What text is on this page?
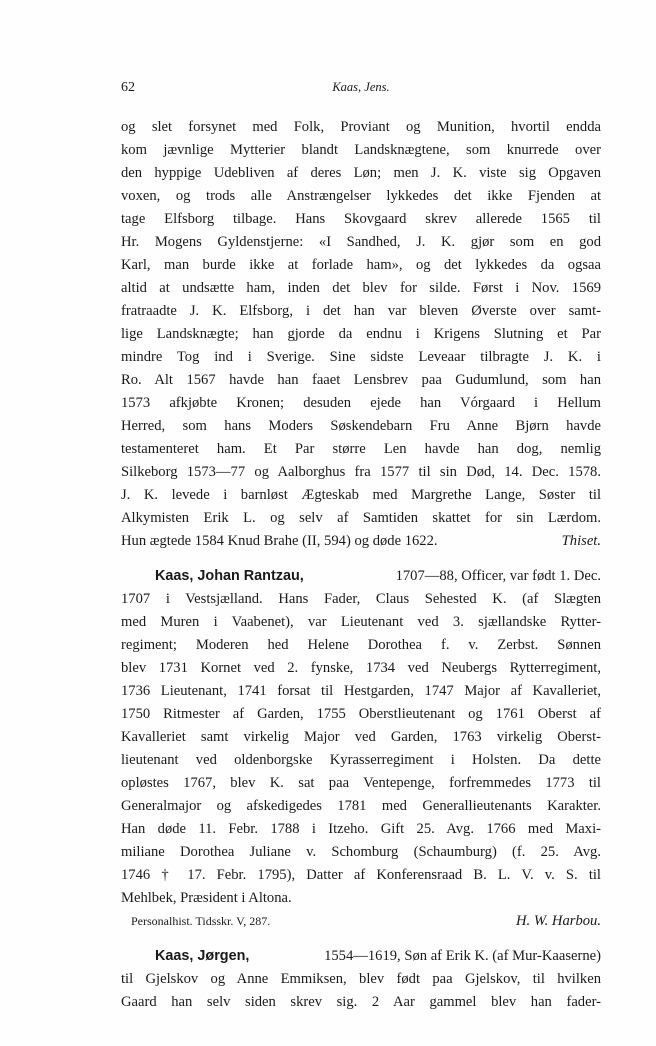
62	Kaas, Jens.
og slet forsynet med Folk, Proviant og Munition, hvortil endda
kom jævnlige Mytterier blandt Landsknægtene, som knurrede over
den hyppige Udebliven af deres Løn; men J. K. viste sig Opgaven
voxen, og trods alle Anstrængelser lykkedes det ikke Fjenden at
tage Elfsborg tilbage. Hans Skovgaard skrev allerede 1565 til
Hr. Mogens Gyldenstjerne: «I Sandhed, J. K. gjør som en god
Karl, man burde ikke at forlade ham», og det lykkedes da ogsaa
altid at undsætte ham, inden det blev for silde. Først i Nov. 1569
fratraadte J. K. Elfsborg, i det han var bleven Øverste over samt-
lige Landsknægte; han gjorde da endnu i Krigens Slutning et Par
mindre Tog ind i Sverige. Sine sidste Leveaar tilbragte J. K. i
Ro. Alt 1567 havde han faaet Lensbrev paa Gudumlund, som han
1573 afkjøbte Kronen; desuden ejede han Vórgaard i Hellum
Herred, som hans Moders Søskendebarn Fru Anne Bjørn havde
testamenteret ham. Et Par større Len havde han dog, nemlig
Silkeborg 1573—77 og Aalborghus fra 1577 til sin Død, 14. Dec. 1578.
J. K. levede i barnløst Ægteskab med Margrethe Lange, Søster til
Alkymisten Erik L. og selv af Samtiden skattet for sin Lærdom.
Hun ægtede 1584 Knud Brahe (II, 594) og døde 1622.	Thiset.
Kaas, Johan Rantzau,	1707—88, Officer, var født 1. Dec.
1707 i Vestsjælland. Hans Fader, Claus Sehested K. (af Slægten
med Muren i Vaabenet), var Lieutenant ved 3. sjællandske Rytter-
regiment; Moderen hed Helene Dorothea f. v. Zerbst. Sønnen
blev 1731 Kornet ved 2. fynske, 1734 ved Neubergs Rytterregiment,
1736 Lieutenant, 1741 forsat til Hestgarden, 1747 Major af Kavalleriet,
1750 Ritmester af Garden, 1755 Oberstlieutenant og 1761 Oberst af
Kavalleriet samt virkelig Major ved Garden, 1763 virkelig Oberst-
lieutenant ved oldenborgske Kyrasserregiment i Holsten. Da dette
opløstes 1767, blev K. sat paa Ventepenge, forfremmedes 1773 til
Generalmajor og afskedigedes 1781 med Generallieutenants Karakter.
Han døde 11. Febr. 1788 i Itzeho. Gift 25. Avg. 1766 med Maxi-
miliane Dorothea Juliane v. Schomburg (Schaumburg) (f. 25. Avg.
1746 † 17. Febr. 1795), Datter af Konferensraad B. L. V. v. S. til
Mehlbek, Præsident i Altona.
Personalhist. Tidsskr. V, 287.	H. W. Harbou.
Kaas, Jørgen,	1554—1619, Søn af Erik K. (af Mur-Kaaserne)
til Gjelskov og Anne Emmiksen, blev født paa Gjelskov, til hvilken
Gaard han selv siden skrev sig. 2 Aar gammel blev han fader-
